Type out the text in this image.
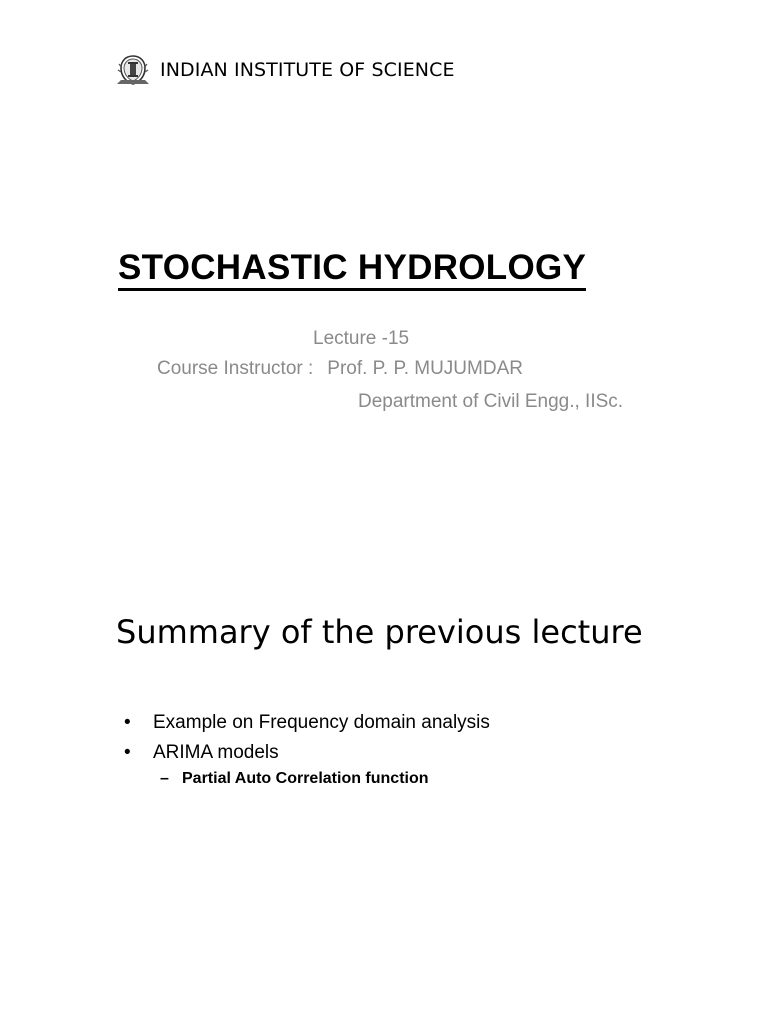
INDIAN INSTITUTE OF SCIENCE
STOCHASTIC HYDROLOGY
Lecture -15
Course Instructor : Prof. P. P. MUJUMDAR
Department of Civil Engg., IISc.
Summary of the previous lecture
•	Example on Frequency domain analysis
•	ARIMA models
– Partial Auto Correlation function
